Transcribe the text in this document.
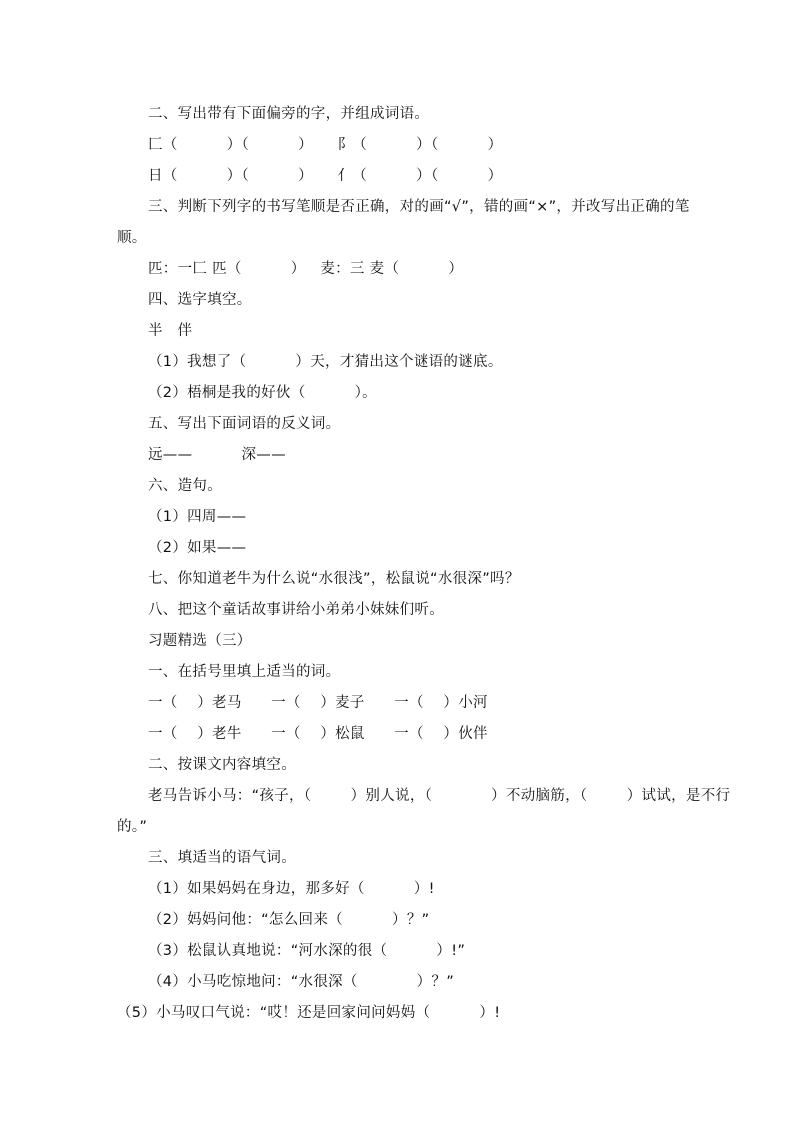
二、写出带有下面偏旁的字，并组成词语。
匚（          ）（          ）     阝（          ）（          ）
日（          ）（          ）     亻（          ）（          ）
三、判断下列字的书写笔顺是否正确，对的画“√”，错的画“×”，并改写出正确的笔
顺。
匹：一匚 匹（          ）   麦：三 麦（          ）
四、选字填空。
半   伴
（1）我想了（          ）天，才猜出这个谜语的谜底。
（2）梧桐是我的好伙（          ）。
五、写出下面词语的反义词。
远——          深——
六、造句。
（1）四周——
（2）如果——
七、你知道老牛为什么说“水很浅”，松鼠说“水很深”吗？
八、把这个童话故事讲给小弟弟小妹妹们听。
习题精选（三）
一、在括号里填上适当的词。
一（    ）老马      一（    ）麦子      一（    ）小河
一（    ）老牛      一（    ）松鼠      一（    ）伙伴
二、按课文内容填空。
老马告诉小马：“孩子，（        ）别人说，（            ）不动脑筋，（        ）试试，是不行
的。”
三、填适当的语气词。
（1）如果妈妈在身边，那多好（          ）!
（2）妈妈问他：“怎么回来（          ）？”
（3）松鼠认真地说：“河水深的很（          ）!”
（4）小马吃惊地问：“水很深（            ）？”
（5）小马叹口气说：“哎！还是回家问问妈妈（          ）!
